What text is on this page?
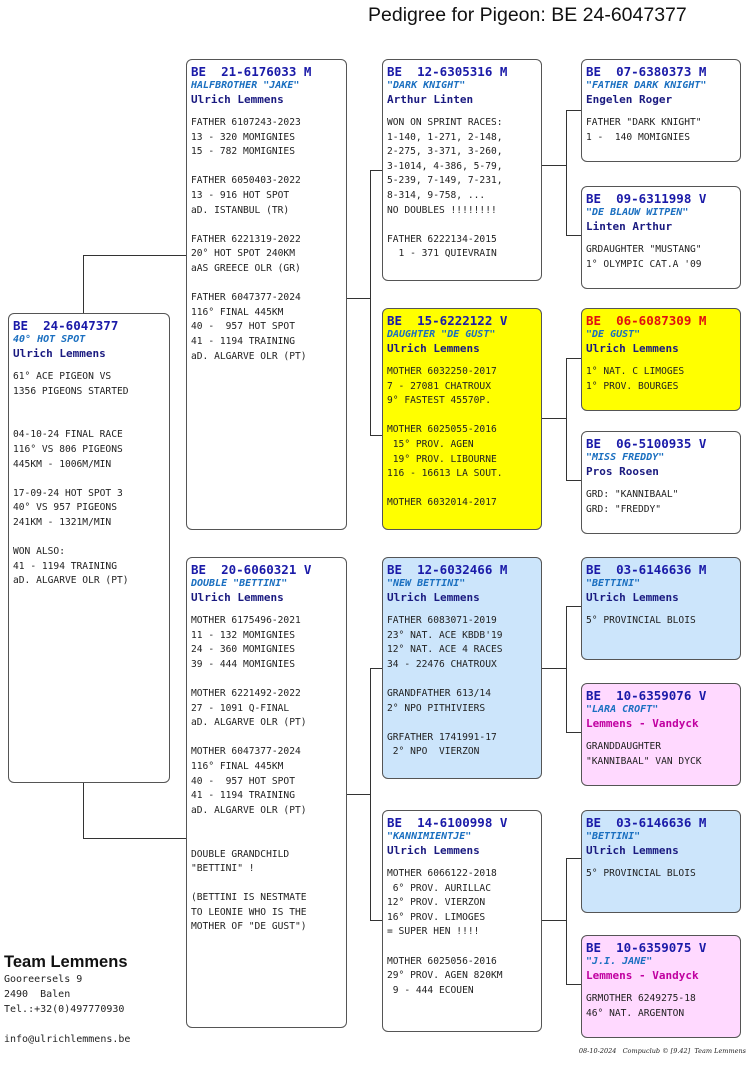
Pedigree for Pigeon: BE 24-6047377
BE  24-6047377
40° HOT SPOT
Ulrich Lemmens
61° ACE PIGEON VS
1356 PIGEONS STARTED

04-10-24 FINAL RACE
116° VS 806 PIGEONS
445KM - 1006M/MIN

17-09-24 HOT SPOT 3
40° VS 957 PIGEONS
241KM - 1321M/MIN

WON ALSO:
41 - 1194 TRAINING
aD. ALGARVE OLR (PT)
BE  21-6176033 M
HALFBROTHER "JAKE"
Ulrich Lemmens
FATHER 6107243-2023
13 - 320 MOMIGNIES
15 - 782 MOMIGNIES

FATHER 6050403-2022
13 - 916 HOT SPOT
aD. ISTANBUL (TR)

FATHER 6221319-2022
20° HOT SPOT 240KM
aAS GREECE OLR (GR)

FATHER 6047377-2024
116° FINAL 445KM
40 -  957 HOT SPOT
41 - 1194 TRAINING
aD. ALGARVE OLR (PT)
BE  20-6060321 V
DOUBLE "BETTINI"
Ulrich Lemmens
MOTHER 6175496-2021
11 - 132 MOMIGNIES
24 - 360 MOMIGNIES
39 - 444 MOMIGNIES

MOTHER 6221492-2022
27 - 1091 Q-FINAL
aD. ALGARVE OLR (PT)

MOTHER 6047377-2024
116° FINAL 445KM
40 -  957 HOT SPOT
41 - 1194 TRAINING
aD. ALGARVE OLR (PT)

DOUBLE GRANDCHILD
"BETTINI" !

(BETTINI IS NESTMATE
TO LEONIE WHO IS THE
MOTHER OF "DE GUST")
BE  12-6305316 M
"DARK KNIGHT"
Arthur Linten
WON ON SPRINT RACES:
1-140, 1-271, 2-148,
2-275, 3-371, 3-260,
3-1014, 4-386, 5-79,
5-239, 7-149, 7-231,
8-314, 9-758, ...
NO DOUBLES !!!!!!!!

FATHER 6222134-2015
1 - 371 QUIEVRAIN
BE  15-6222122 V
DAUGHTER "DE GUST"
Ulrich Lemmens
MOTHER 6032250-2017
7 - 27081 CHATROUX
9° FASTEST 45570P.

MOTHER 6025055-2016
15° PROV. AGEN
19° PROV. LIBOURNE
116 - 16613 LA SOUT.

MOTHER 6032014-2017
BE  12-6032466 M
"NEW BETTINI"
Ulrich Lemmens
FATHER 6083071-2019
23° NAT. ACE KBDB'19
12° NAT. ACE 4 RACES
34 - 22476 CHATROUX

GRANDFATHER 613/14
2° NPO PITHIVIERS

GRFATHER 1741991-17
2° NPO  VIERZON
BE  14-6100998 V
"KANNIMIENTJE"
Ulrich Lemmens
MOTHER 6066122-2018
6° PROV. AURILLAC
12° PROV. VIERZON
16° PROV. LIMOGES
= SUPER HEN !!!!

MOTHER 6025056-2016
29° PROV. AGEN 820KM
9 - 444 ECOUEN
BE  07-6380373 M
"FATHER DARK KNIGHT"
Engelen Roger
FATHER "DARK KNIGHT"
1 -  140 MOMIGNIES
BE  09-6311998 V
"DE BLAUW WITPEN"
Linten Arthur
GRDAUGHTER "MUSTANG"
1° OLYMPIC CAT.A '09
BE  06-6087309 M
"DE GUST"
Ulrich Lemmens
1° NAT. C LIMOGES
1° PROV. BOURGES
BE  06-5100935 V
"MISS FREDDY"
Pros Roosen
GRD: "KANNIBAAL"
GRD: "FREDDY"
BE  03-6146636 M
"BETTINI"
Ulrich Lemmens
5° PROVINCIAL BLOIS
BE  10-6359076 V
"LARA CROFT"
Lemmens - Vandyck
GRANDDAUGHTER
"KANNIBAAL" VAN DYCK
BE  03-6146636 M
"BETTINI"
Ulrich Lemmens
5° PROVINCIAL BLOIS
BE  10-6359075 V
"J.I. JANE"
Lemmens - Vandyck
GRMOTHER 6249275-18
46° NAT. ARGENTON
Team Lemmens
Gooreersels 9
2490  Balen
Tel.:+32(0)497770930
info@ulrichlemmens.be
08-10-2024   Compuclub © [9.42]  Team Lemmens
